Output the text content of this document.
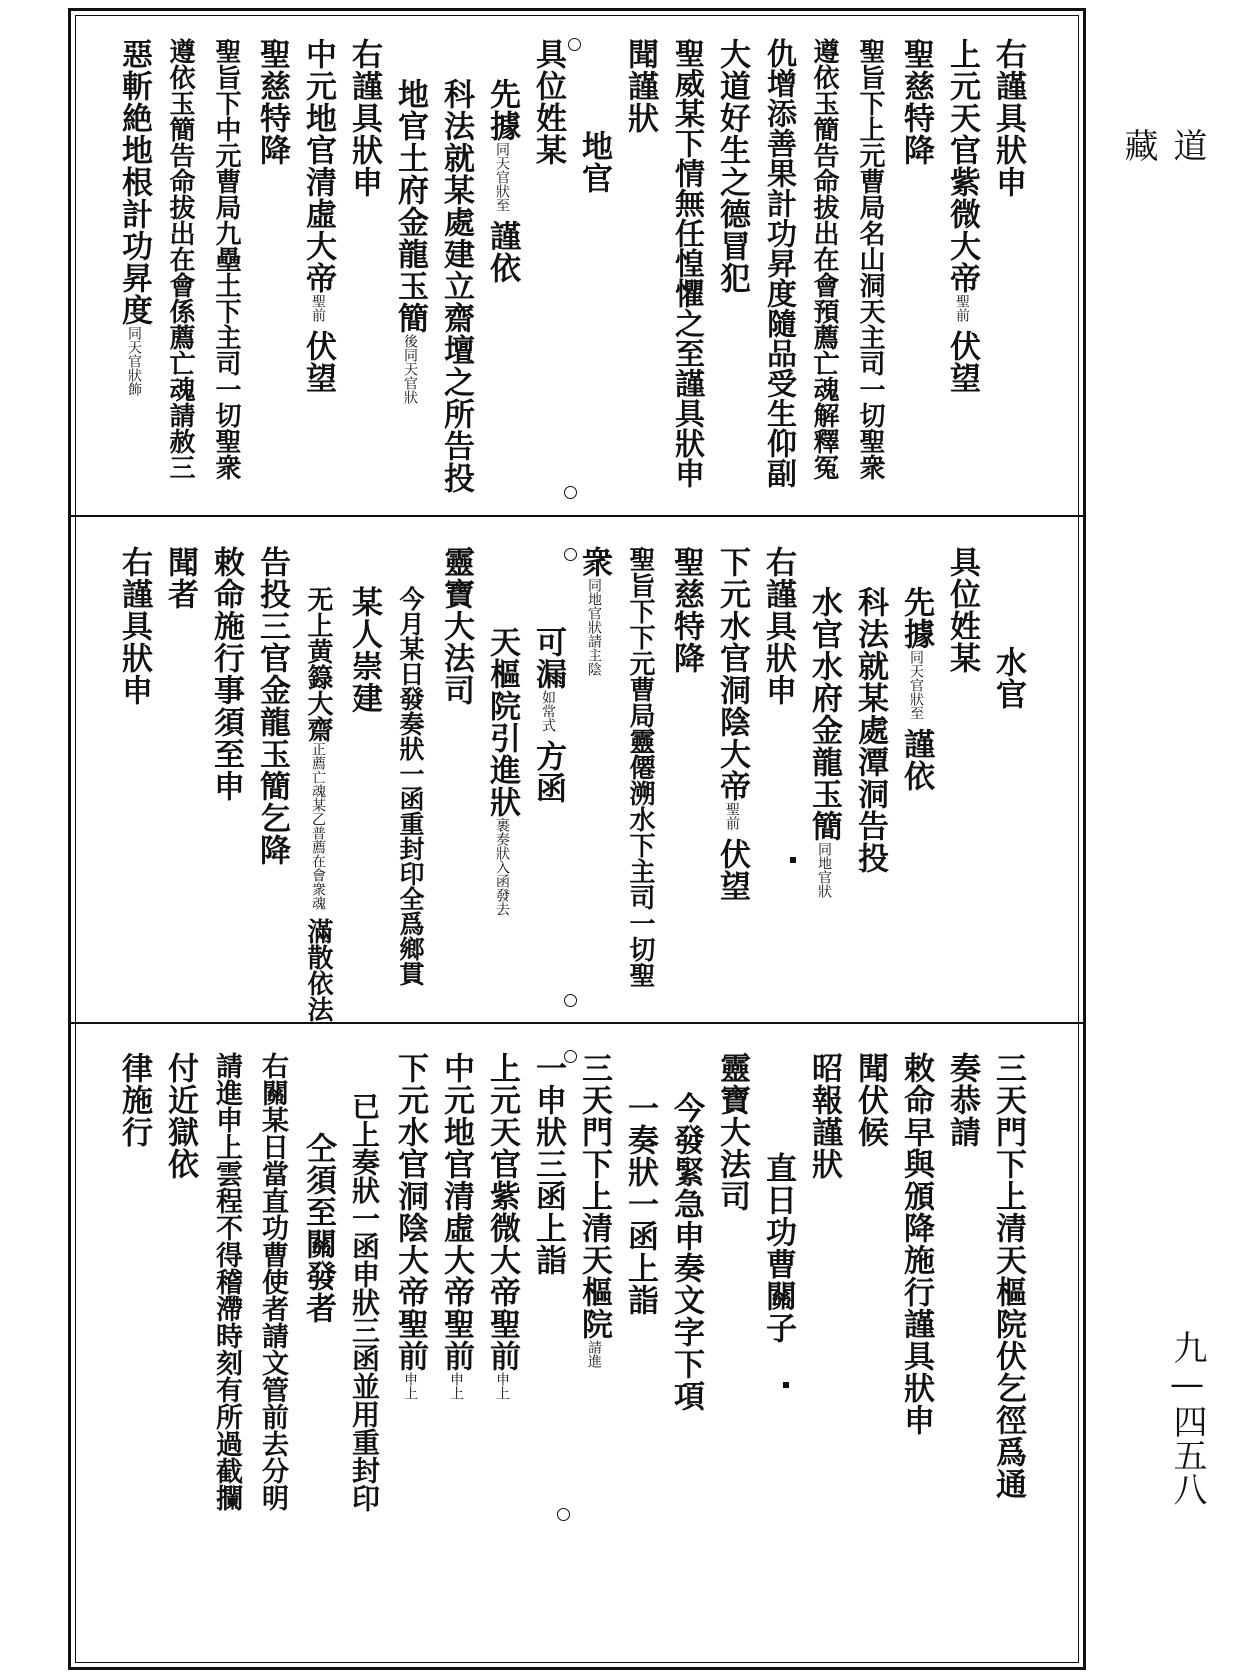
道藏
九—四五八
右謹具狀申
上元天官紫微大帝聖前伏望
聖慈特降
聖旨下上元曹局名山洞天主司一切聖衆
遵依玉簡告命拔出在會預薦亡魂解釋冤
仇增添善果計功昇度隨品受生仰副
大道好生之德冒犯
聖威某下情無任惶懼之至謹具狀申
聞謹狀
地官
具位姓某
先據同天官狀至謹依
科法就某處建立齋壇之所告投
地官土府金龍玉簡後同天官狀
右謹具狀申
中元地官清虛大帝聖前伏望
聖慈特降
聖旨下中元曹局九壘土下主司一切聖衆
遵依玉簡告命拔出在會係薦亡魂請赦三
惡斬絶地根計功昇度同天官狀飾
水官
具位姓某
先據同天官狀至謹依
科法就某處潭洞告投
水官水府金龍玉簡同地官狀
右謹具狀申
下元水官洞陰大帝聖前伏望
聖慈特降
聖旨下下元曹局靈僊溯水下主司一切聖
衆同地官狀請主陰
可漏如常式方函
天樞院引進狀裹奏狀入函發去
靈寶大法司
今月某日發奏狀一函重封印全爲鄉貫
某人崇建
无上黄籙大齋正薦亡魂某乙普薦在會衆魂滿散依法
告投三官金龍玉簡乞降
敕命施行事須至申
聞者
右謹具狀申
三天門下上清天樞院伏乞徑爲通
奏恭請
敕命早與頒降施行謹具狀申
聞伏候
昭報謹狀
直日功曹關子
靈寶大法司
今發緊急申奏文字下項
一奏狀一函上詣
三天門下上清天樞院請進
一申狀三函上詣
上元天官紫微大帝聖前申上
中元地官清虛大帝聖前申上
下元水官洞陰大帝聖前申上
已上奏狀一函申狀三函並用重封印
仝須至關發者
右關某日當直功曹使者請文管前去分明
請進申上雲程不得稽滯時刻有所過截攔
付近獄依
律施行
